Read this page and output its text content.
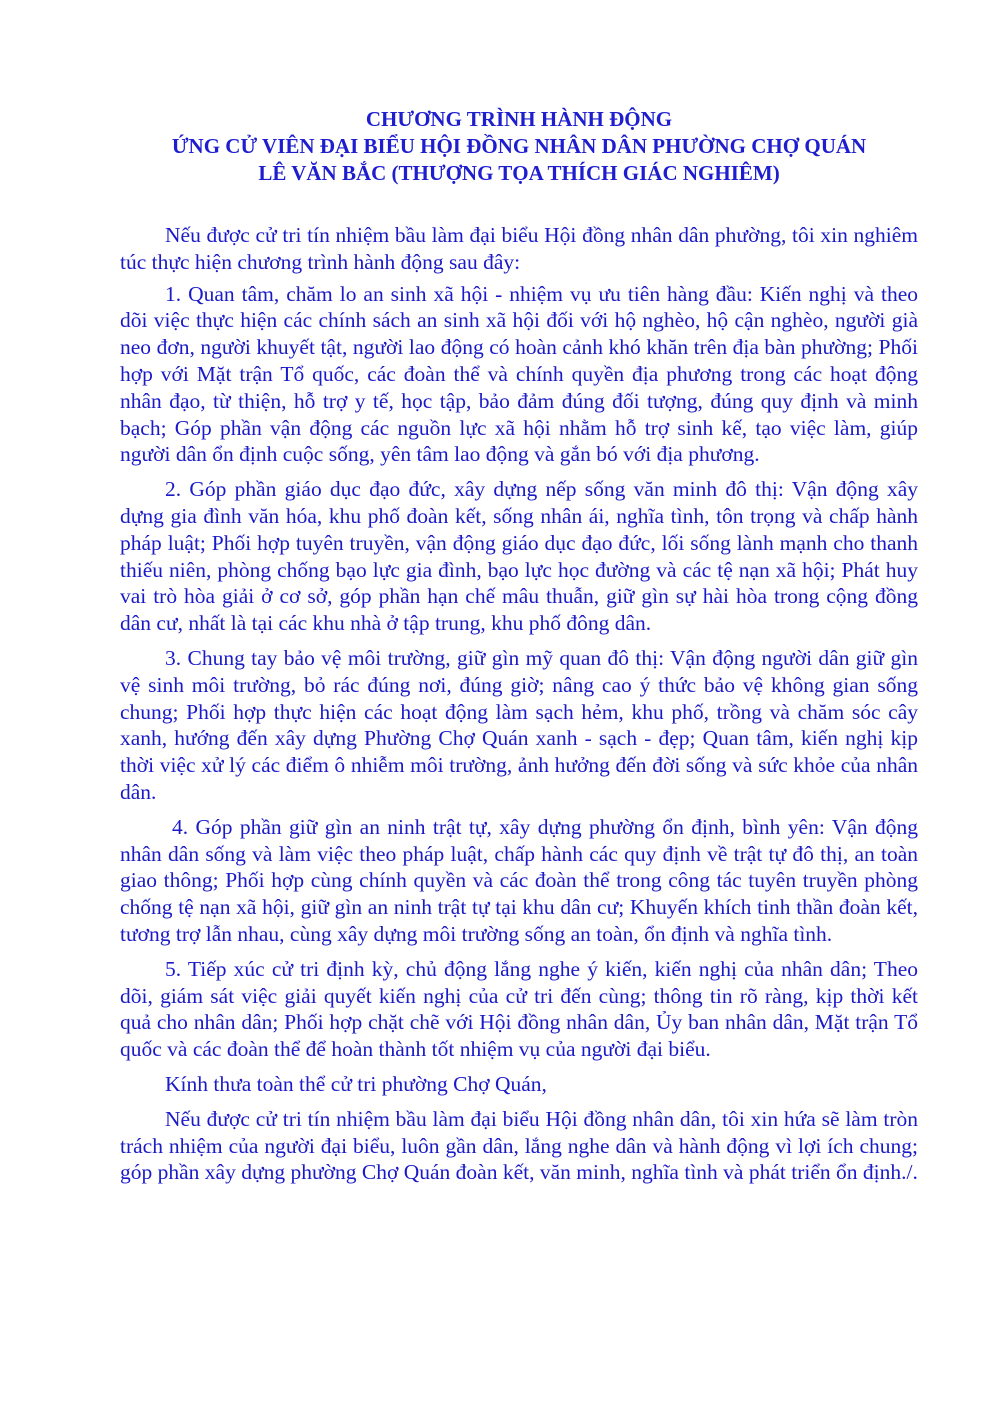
CHƯƠNG TRÌNH HÀNH ĐỘNG
ỨNG CỬ VIÊN ĐẠI BIỂU HỘI ĐỒNG NHÂN DÂN PHƯỜNG CHỢ QUÁN
LÊ VĂN BẮC (THƯỢNG TỌA THÍCH GIÁC NGHIÊM)

Nếu được cử tri tín nhiệm bầu làm đại biểu Hội đồng nhân dân phường, tôi xin nghiêm túc thực hiện chương trình hành động sau đây:

1. Quan tâm, chăm lo an sinh xã hội - nhiệm vụ ưu tiên hàng đầu: Kiến nghị và theo dõi việc thực hiện các chính sách an sinh xã hội đối với hộ nghèo, hộ cận nghèo, người già neo đơn, người khuyết tật, người lao động có hoàn cảnh khó khăn trên địa bàn phường; Phối hợp với Mặt trận Tổ quốc, các đoàn thể và chính quyền địa phương trong các hoạt động nhân đạo, từ thiện, hỗ trợ y tế, học tập, bảo đảm đúng đối tượng, đúng quy định và minh bạch; Góp phần vận động các nguồn lực xã hội nhằm hỗ trợ sinh kế, tạo việc làm, giúp người dân ổn định cuộc sống, yên tâm lao động và gắn bó với địa phương.

2. Góp phần giáo dục đạo đức, xây dựng nếp sống văn minh đô thị: Vận động xây dựng gia đình văn hóa, khu phố đoàn kết, sống nhân ái, nghĩa tình, tôn trọng và chấp hành pháp luật; Phối hợp tuyên truyền, vận động giáo dục đạo đức, lối sống lành mạnh cho thanh thiếu niên, phòng chống bạo lực gia đình, bạo lực học đường và các tệ nạn xã hội; Phát huy vai trò hòa giải ở cơ sở, góp phần hạn chế mâu thuẫn, giữ gìn sự hài hòa trong cộng đồng dân cư, nhất là tại các khu nhà ở tập trung, khu phố đông dân.

3. Chung tay bảo vệ môi trường, giữ gìn mỹ quan đô thị: Vận động người dân giữ gìn vệ sinh môi trường, bỏ rác đúng nơi, đúng giờ; nâng cao ý thức bảo vệ không gian sống chung; Phối hợp thực hiện các hoạt động làm sạch hẻm, khu phố, trồng và chăm sóc cây xanh, hướng đến xây dựng Phường Chợ Quán xanh - sạch - đẹp; Quan tâm, kiến nghị kịp thời việc xử lý các điểm ô nhiễm môi trường, ảnh hưởng đến đời sống và sức khỏe của nhân dân.

4. Góp phần giữ gìn an ninh trật tự, xây dựng phường ổn định, bình yên: Vận động nhân dân sống và làm việc theo pháp luật, chấp hành các quy định về trật tự đô thị, an toàn giao thông; Phối hợp cùng chính quyền và các đoàn thể trong công tác tuyên truyền phòng chống tệ nạn xã hội, giữ gìn an ninh trật tự tại khu dân cư; Khuyến khích tinh thần đoàn kết, tương trợ lẫn nhau, cùng xây dựng môi trường sống an toàn, ổn định và nghĩa tình.

5. Tiếp xúc cử tri định kỳ, chủ động lắng nghe ý kiến, kiến nghị của nhân dân; Theo dõi, giám sát việc giải quyết kiến nghị của cử tri đến cùng; thông tin rõ ràng, kịp thời kết quả cho nhân dân; Phối hợp chặt chẽ với Hội đồng nhân dân, Ủy ban nhân dân, Mặt trận Tổ quốc và các đoàn thể để hoàn thành tốt nhiệm vụ của người đại biểu.

Kính thưa toàn thể cử tri phường Chợ Quán,

Nếu được cử tri tín nhiệm bầu làm đại biểu Hội đồng nhân dân, tôi xin hứa sẽ làm tròn trách nhiệm của người đại biểu, luôn gần dân, lắng nghe dân và hành động vì lợi ích chung; góp phần xây dựng phường Chợ Quán đoàn kết, văn minh, nghĩa tình và phát triển ổn định./.
